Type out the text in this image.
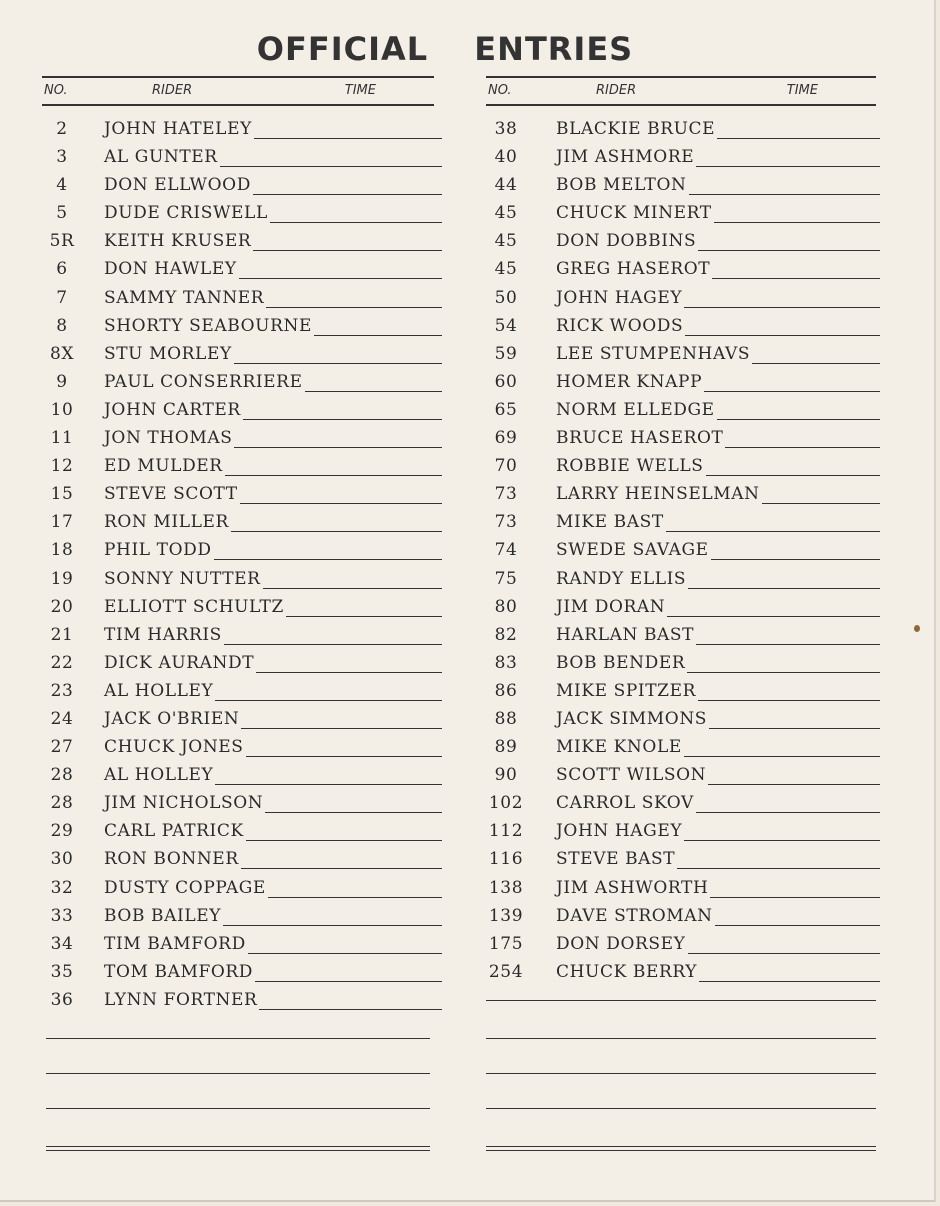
OFFICIAL ENTRIES
NO.	RIDER	TIME
2	JOHN HATELEY
3	AL GUNTER
4	DON ELLWOOD
5	DUDE CRISWELL
5R	KEITH KRUSER
6	DON HAWLEY
7	SAMMY TANNER
8	SHORTY SEABOURNE
8X	STU MORLEY
9	PAUL CONSERRIERE
10	JOHN CARTER
11	JON THOMAS
12	ED MULDER
15	STEVE SCOTT
17	RON MILLER
18	PHIL TODD
19	SONNY NUTTER
20	ELLIOTT SCHULTZ
21	TIM HARRIS
22	DICK AURANDT
23	AL HOLLEY
24	JACK O'BRIEN
27	CHUCK JONES
28	AL HOLLEY
28	JIM NICHOLSON
29	CARL PATRICK
30	RON BONNER
32	DUSTY COPPAGE
33	BOB BAILEY
34	TIM BAMFORD
35	TOM BAMFORD
36	LYNN FORTNER
NO.	RIDER	TIME
38	BLACKIE BRUCE
40	JIM ASHMORE
44	BOB MELTON
45	CHUCK MINERT
45	DON DOBBINS
45	GREG HASEROT
50	JOHN HAGEY
54	RICK WOODS
59	LEE STUMPENHAVS
60	HOMER KNAPP
65	NORM ELLEDGE
69	BRUCE HASEROT
70	ROBBIE WELLS
73	LARRY HEINSELMAN
73	MIKE BAST
74	SWEDE SAVAGE
75	RANDY ELLIS
80	JIM DORAN
82	HARLAN BAST
83	BOB BENDER
86	MIKE SPITZER
88	JACK SIMMONS
89	MIKE KNOLE
90	SCOTT WILSON
102 CARROL SKOV
112 JOHN HAGEY
116 STEVE BAST
138 JIM ASHWORTH
139 DAVE STROMAN
175 DON DORSEY
254 CHUCK BERRY
